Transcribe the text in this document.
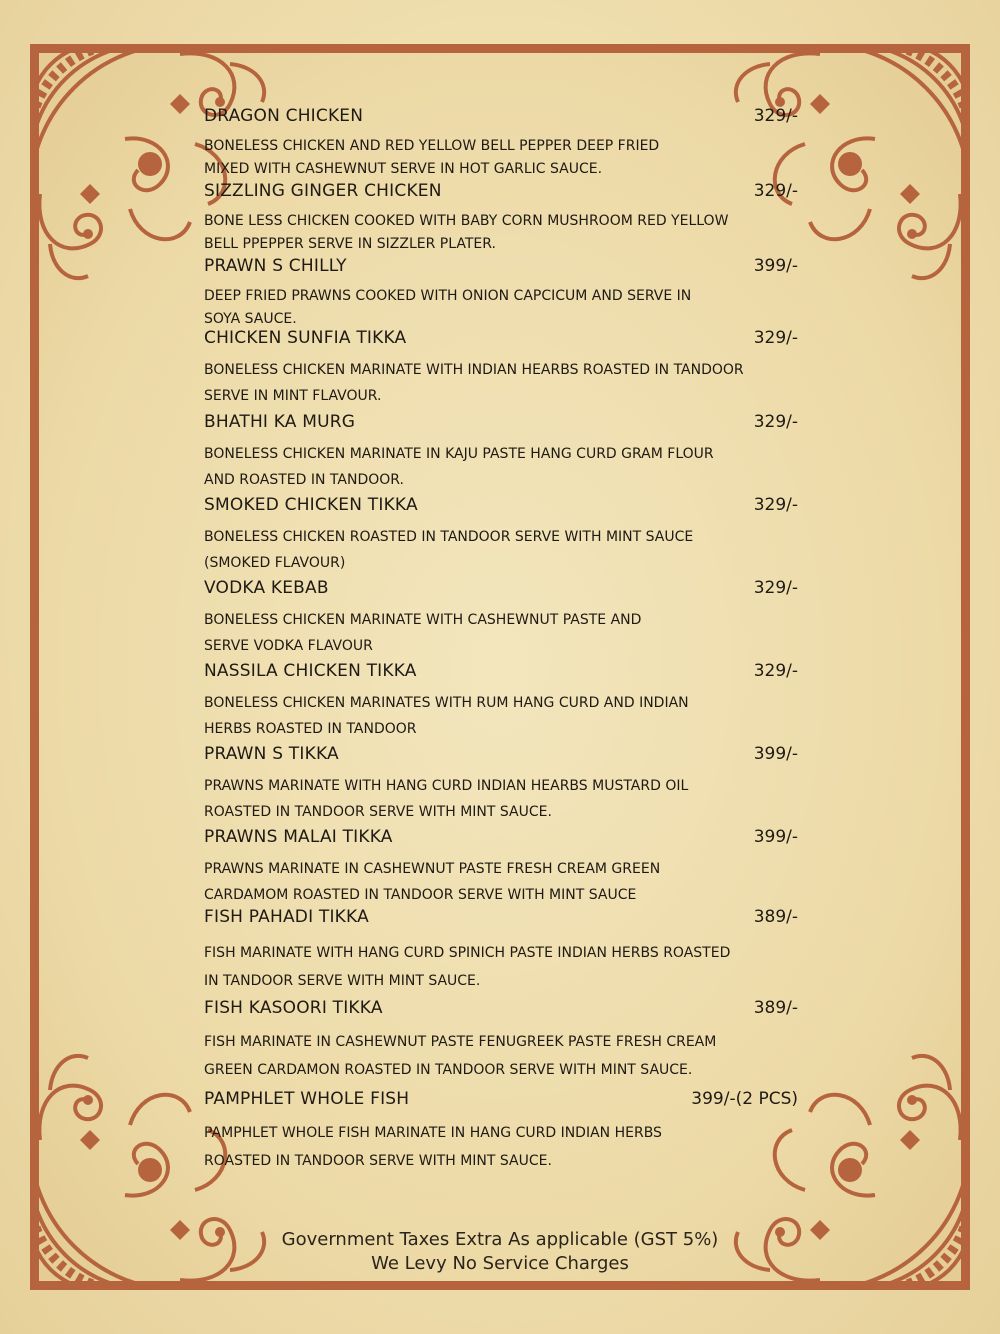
DRAGON CHICKEN	329/-
BONELESS CHICKEN AND RED YELLOW BELL PEPPER DEEP FRIED
MIXED WITH CASHEWNUT SERVE IN HOT GARLIC SAUCE.
SIZZLING GINGER CHICKEN	329/-
BONE LESS CHICKEN COOKED WITH BABY CORN MUSHROOM RED YELLOW
BELL PPEPPER SERVE IN SIZZLER PLATER.
PRAWN S CHILLY	399/-
DEEP FRIED PRAWNS COOKED WITH ONION CAPCICUM AND SERVE IN
SOYA SAUCE.
CHICKEN SUNFIA TIKKA	329/-
BONELESS CHICKEN MARINATE WITH INDIAN HEARBS ROASTED IN TANDOOR
SERVE IN MINT FLAVOUR.
BHATHI KA MURG	329/-
BONELESS CHICKEN MARINATE IN KAJU PASTE HANG CURD GRAM FLOUR
AND ROASTED IN TANDOOR.
SMOKED CHICKEN TIKKA	329/-
BONELESS CHICKEN ROASTED IN TANDOOR SERVE WITH MINT SAUCE
(SMOKED FLAVOUR)
VODKA KEBAB	329/-
BONELESS CHICKEN MARINATE WITH CASHEWNUT PASTE AND
SERVE VODKA FLAVOUR
NASSILA CHICKEN TIKKA	329/-
BONELESS CHICKEN MARINATES WITH RUM HANG CURD AND INDIAN
HERBS ROASTED IN TANDOOR
PRAWN S TIKKA	399/-
PRAWNS MARINATE WITH HANG CURD INDIAN HEARBS MUSTARD OIL
ROASTED IN TANDOOR SERVE WITH MINT SAUCE.
PRAWNS MALAI TIKKA	399/-
PRAWNS MARINATE IN CASHEWNUT PASTE FRESH CREAM GREEN
CARDAMOM ROASTED IN TANDOOR SERVE WITH MINT SAUCE
FISH PAHADI TIKKA	389/-
FISH MARINATE WITH HANG CURD SPINICH PASTE INDIAN HERBS ROASTED
IN TANDOOR SERVE WITH MINT SAUCE.
FISH KASOORI TIKKA	389/-
FISH MARINATE IN CASHEWNUT PASTE FENUGREEK PASTE FRESH CREAM
GREEN CARDAMON ROASTED IN TANDOOR SERVE WITH MINT SAUCE.
PAMPHLET WHOLE FISH	399/-(2 PCS)
PAMPHLET WHOLE FISH MARINATE IN HANG CURD INDIAN HERBS
ROASTED IN TANDOOR SERVE WITH MINT SAUCE.
Government Taxes Extra As applicable (GST 5%)
We Levy No Service Charges
